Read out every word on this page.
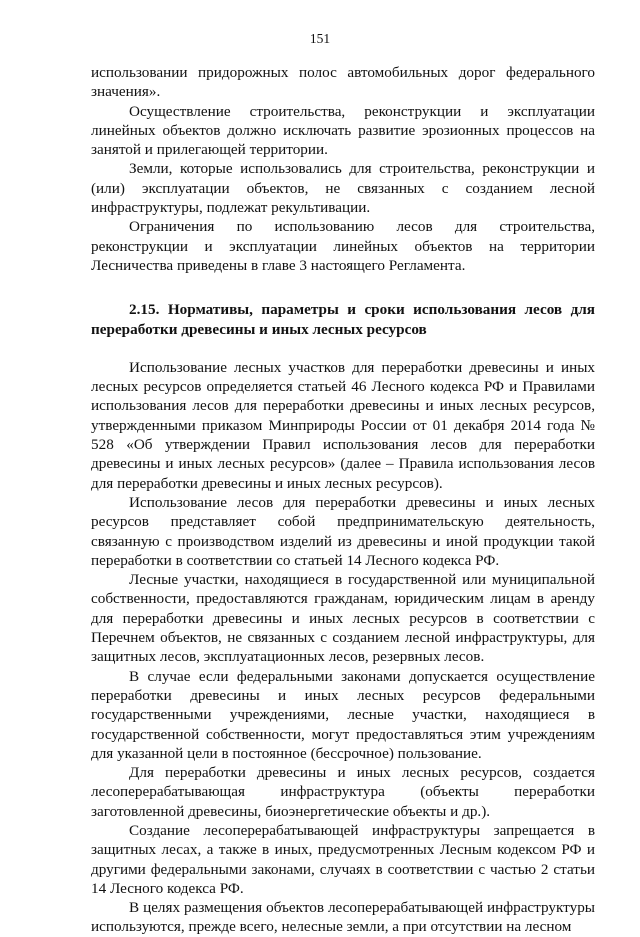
151

использовании придорожных полос автомобильных дорог федерального значения».

Осуществление строительства, реконструкции и эксплуатации линейных объектов должно исключать развитие эрозионных процессов на занятой и прилегающей территории.

Земли, которые использовались для строительства, реконструкции и (или) эксплуатации объектов, не связанных с созданием лесной инфраструктуры, подлежат рекультивации.

Ограничения по использованию лесов для строительства, реконструкции и эксплуатации линейных объектов на территории Лесничества приведены в главе 3 настоящего Регламента.

2.15. Нормативы, параметры и сроки использования лесов для переработки древесины и иных лесных ресурсов

Использование лесных участков для переработки древесины и иных лесных ресурсов определяется статьей 46 Лесного кодекса РФ и Правилами использования лесов для переработки древесины и иных лесных ресурсов, утвержденными приказом Минприроды России от 01 декабря 2014 года № 528 «Об утверждении Правил использования лесов для переработки древесины и иных лесных ресурсов» (далее – Правила использования лесов для переработки древесины и иных лесных ресурсов).

Использование лесов для переработки древесины и иных лесных ресурсов представляет собой предпринимательскую деятельность, связанную с производством изделий из древесины и иной продукции такой переработки в соответствии со статьей 14 Лесного кодекса РФ.

Лесные участки, находящиеся в государственной или муниципальной собственности, предоставляются гражданам, юридическим лицам в аренду для переработки древесины и иных лесных ресурсов в соответствии с Перечнем объектов, не связанных с созданием лесной инфраструктуры, для защитных лесов, эксплуатационных лесов, резервных лесов.

В случае если федеральными законами допускается осуществление переработки древесины и иных лесных ресурсов федеральными государственными учреждениями, лесные участки, находящиеся в государственной собственности, могут предоставляться этим учреждениям для указанной цели в постоянное (бессрочное) пользование.

Для переработки древесины и иных лесных ресурсов, создается лесоперерабатывающая инфраструктура (объекты переработки заготовленной древесины, биоэнергетические объекты и др.).

Создание лесоперерабатывающей инфраструктуры запрещается в защитных лесах, а также в иных, предусмотренных Лесным кодексом РФ и другими федеральными законами, случаях в соответствии с частью 2 статьи 14 Лесного кодекса РФ.

В целях размещения объектов лесоперерабатывающей инфраструктуры используются, прежде всего, нелесные земли, а при отсутствии на лесном
